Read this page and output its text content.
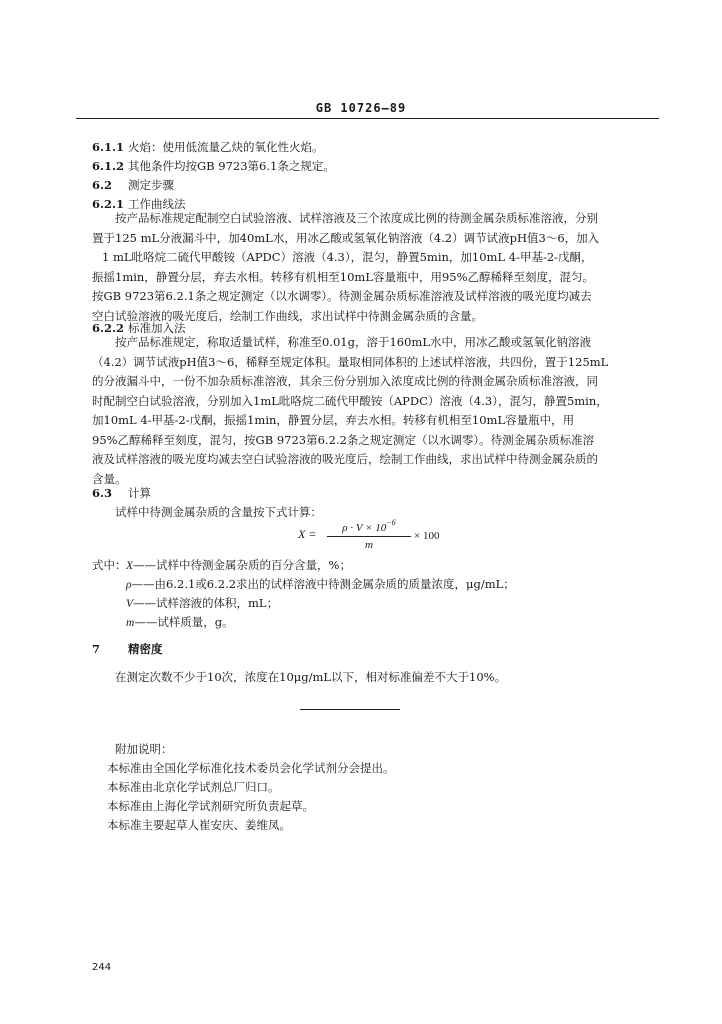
GB 10726—89
6.1.1 火焰：使用低流量乙炔的氧化性火焰。
6.1.2 其他条件均按GB 9723第6.1条之规定。
6.2 测定步骤
6.2.1 工作曲线法
按产品标准规定配制空白试验溶液、试样溶液及三个浓度成比例的待测金属杂质标准溶液，分别
置于125 mL分液漏斗中，加40mL水，用冰乙酸或氢氧化钠溶液（4.2）调节试液pH值3～6，加入
1 mL吡咯烷二硫代甲酸铵（APDC）溶液（4.3），混匀，静置5min，加10mL 4-甲基-2-戊酮，
振摇1min，静置分层，弃去水相。转移有机相至10mL容量瓶中，用95%乙醇稀释至刻度，混匀。
按GB 9723第6.2.1条之规定测定（以水调零）。待测金属杂质标准溶液及试样溶液的吸光度均减去
空白试验溶液的吸光度后，绘制工作曲线，求出试样中待测金属杂质的含量。
6.2.2 标准加入法
按产品标准规定，称取适量试样，称准至0.01g，溶于160mL水中，用冰乙酸或氢氧化钠溶液
（4.2）调节试液pH值3～6，稀释至规定体积。量取相同体积的上述试样溶液，共四份，置于125mL
的分液漏斗中，一份不加杂质标准溶液，其余三份分别加入浓度成比例的待测金属杂质标准溶液，同
时配制空白试验溶液，分别加入1mL吡咯烷二硫代甲酸铵（APDC）溶液（4.3），混匀，静置5min，
加10mL 4-甲基-2-戊酮，振摇1min，静置分层，弃去水相。转移有机相至10mL容量瓶中，用
95%乙醇稀释至刻度，混匀，按GB 9723第6.2.2条之规定测定（以水调零）。待测金属杂质标准溶
液及试样溶液的吸光度均减去空白试验溶液的吸光度后，绘制工作曲线，求出试样中待测金属杂质的
含量。
6.3 计算
试样中待测金属杂质的含量按下式计算：
X =	$\rho \cdot V \times 10^{-6}$
m
× 100
式中：X——试样中待测金属杂质的百分含量，%；
ρ——由6.2.1或6.2.2求出的试样溶液中待测金属杂质的质量浓度，μg/mL；
V——试样溶液的体积，mL；
m——试样质量，g。
7 精密度
在测定次数不少于10次，浓度在10μg/mL以下，相对标准偏差不大于10%。
附加说明：
本标准由全国化学标准化技术委员会化学试剂分会提出。
本标准由北京化学试剂总厂归口。
本标准由上海化学试剂研究所负责起草。
本标准主要起草人崔安庆、姜维凤。
244
